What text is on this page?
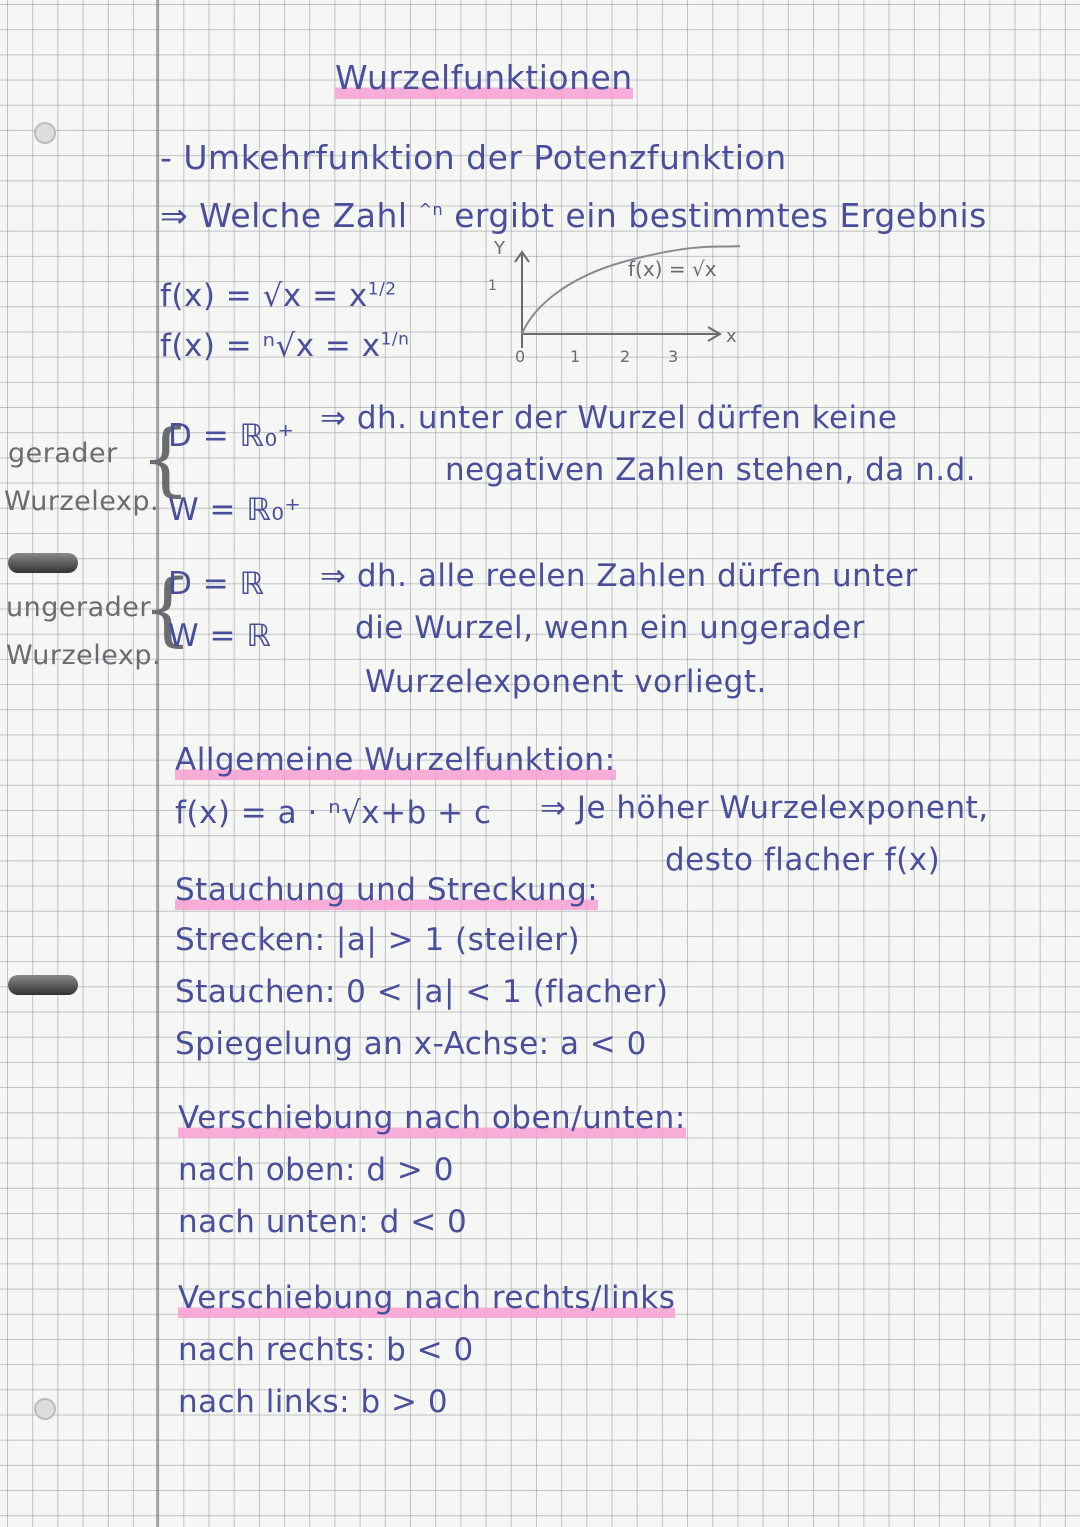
Wurzelfunktionen
- Umkehrfunktion der Potenzfunktion
⇒ Welche Zahl $^{\^{}n}$ ergibt ein bestimmtes Ergebnis
$f(x) = √x = x^{1/2}$
$f(x) = ^n√x = x^{1/n}$
Y
x
f(x) = √x
1
0	1 2 3
gerader
Wurzelexp.
{
D = ℝ₀⁺
W = ℝ₀⁺
⇒ dh. unter der Wurzel dürfen keine
negativen Zahlen stehen, da n.d.
ungerader
Wurzelexp.
{
D = ℝ
W = ℝ
⇒ dh. alle reelen Zahlen dürfen unter
die Wurzel, wenn ein ungerader
Wurzelexponent vorliegt.
Allgemeine Wurzelfunktion:
f(x) = a · ⁿ√x+b + c ⇒ Je höher Wurzelexponent,
desto flacher f(x)
Stauchung und Streckung:
Strecken: |a| > 1 (steiler)
Stauchen: 0 < |a| < 1 (flacher)
Spiegelung an x-Achse: a < 0
Verschiebung nach oben/unten:
nach oben: d > 0
nach unten: d < 0
Verschiebung nach rechts/links
nach rechts: b < 0
nach links: b > 0
